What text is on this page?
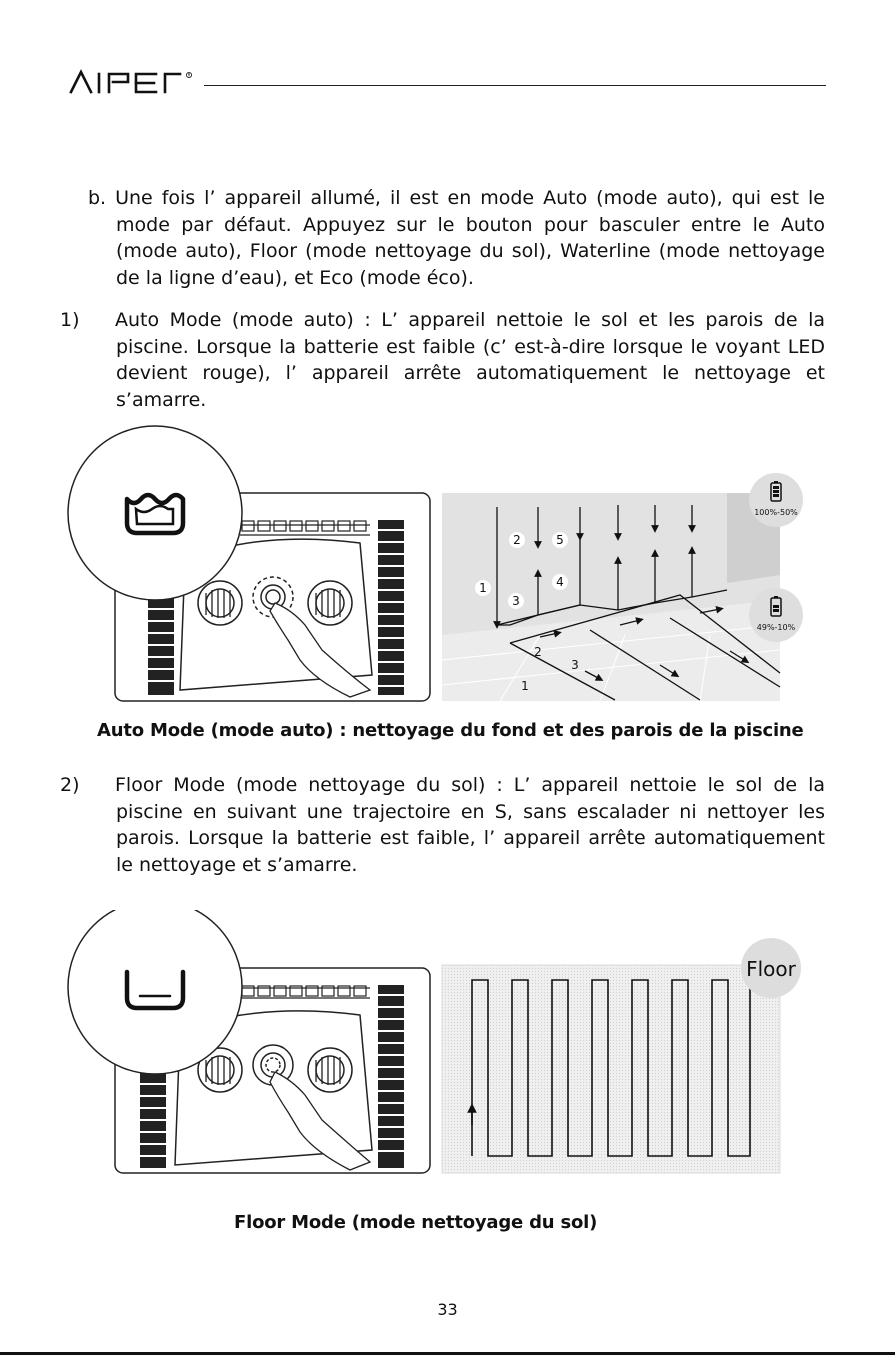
R
b. Une fois l’ appareil allumé, il est en mode Auto (mode auto), qui est le mode par défaut. Appuyez sur le bouton pour basculer entre le Auto (mode auto), Floor (mode nettoyage du sol), Waterline (mode nettoyage de la ligne d’eau), et Eco (mode éco).
1) Auto Mode (mode auto) : L’ appareil nettoie le sol et les parois de la piscine. Lorsque la batterie est faible (c’ est-à-dire lorsque le voyant LED devient rouge), l’ appareil arrête automatiquement le nettoyage et s’amarre.
1
2
3
4
5
1
2
3
100%-50%
49%-10%
Auto Mode (mode auto) : nettoyage du fond et des parois de la piscine
2) Floor Mode (mode nettoyage du sol) : L’ appareil nettoie le sol de la piscine en suivant une trajectoire en S, sans escalader ni nettoyer les parois. Lorsque la batterie est faible, l’ appareil arrête automatiquement le nettoyage et s’amarre.
Floor
Floor Mode (mode nettoyage du sol)
33
